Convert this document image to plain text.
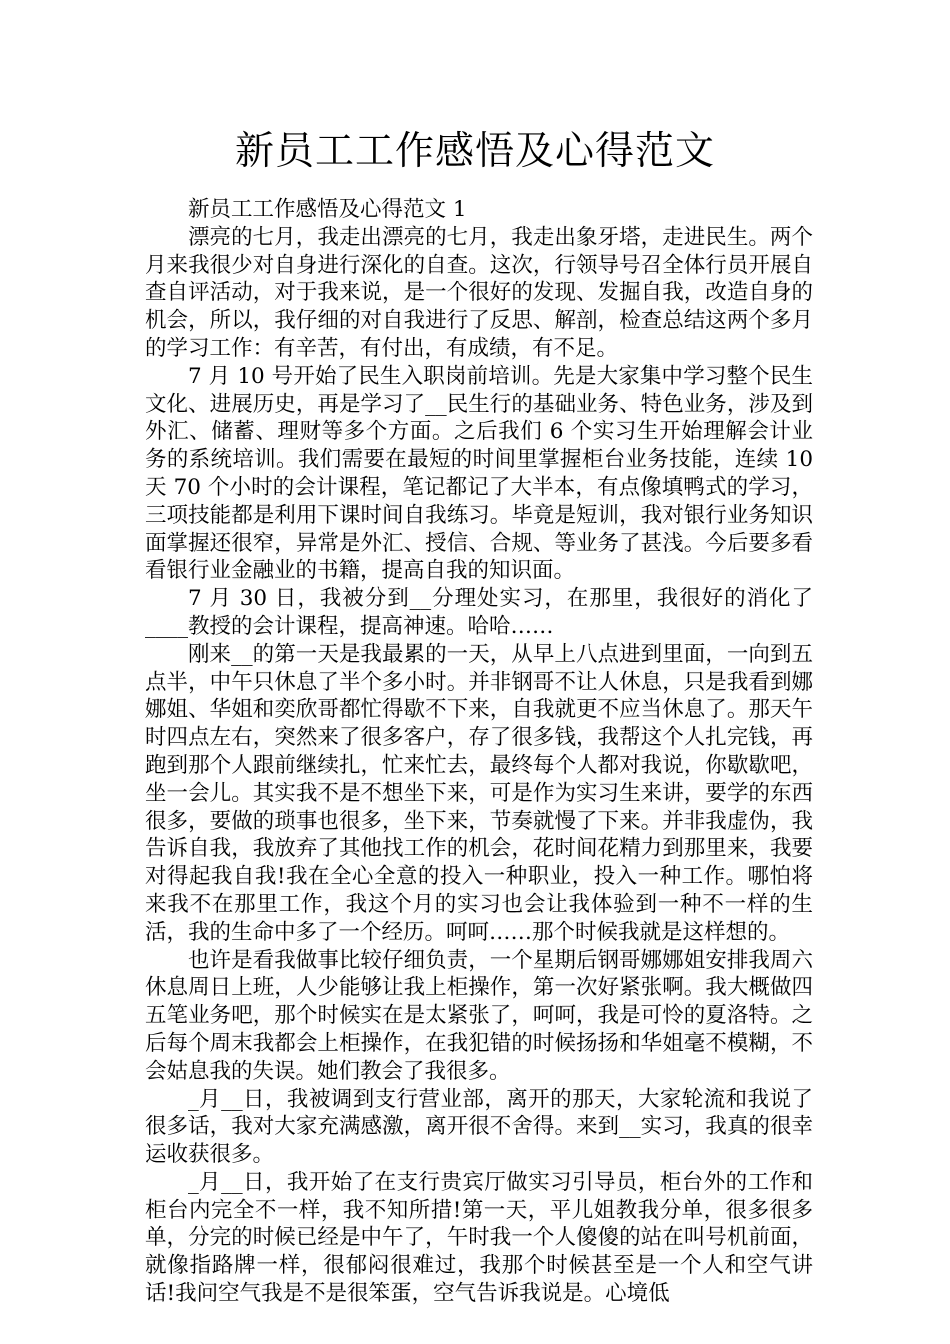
新员工工作感悟及心得范文

新员工工作感悟及心得范文 1

漂亮的七月，我走出漂亮的七月，我走出象牙塔，走进民生。两个月来我很少对自身进行深化的自查。这次，行领导号召全体行员开展自查自评活动，对于我来说，是一个很好的发现、发掘自我，改造自身的机会，所以，我仔细的对自我进行了反思、解剖，检查总结这两个多月的学习工作：有辛苦，有付出，有成绩，有不足。

7 月 10 号开始了民生入职岗前培训。先是大家集中学习整个民生文化、进展历史，再是学习了__民生行的基础业务、特色业务，涉及到外汇、储蓄、理财等多个方面。之后我们 6 个实习生开始理解会计业务的系统培训。我们需要在最短的时间里掌握柜台业务技能，连续 10 天 70 个小时的会计课程，笔记都记了大半本，有点像填鸭式的学习，三项技能都是利用下课时间自我练习。毕竟是短训，我对银行业务知识面掌握还很窄，异常是外汇、授信、合规、等业务了甚浅。今后要多看看银行业金融业的书籍，提高自我的知识面。

7 月 30 日，我被分到__分理处实习，在那里，我很好的消化了____教授的会计课程，提高神速。哈哈……

刚来__的第一天是我最累的一天，从早上八点进到里面，一向到五点半，中午只休息了半个多小时。并非钢哥不让人休息，只是我看到娜娜姐、华姐和奕欣哥都忙得歇不下来，自我就更不应当休息了。那天午时四点左右，突然来了很多客户，存了很多钱，我帮这个人扎完钱，再跑到那个人跟前继续扎，忙来忙去，最终每个人都对我说，你歇歇吧，坐一会儿。其实我不是不想坐下来，可是作为实习生来讲，要学的东西很多，要做的琐事也很多，坐下来，节奏就慢了下来。并非我虚伪，我告诉自我，我放弃了其他找工作的机会，花时间花精力到那里来，我要对得起我自我!我在全心全意的投入一种职业，投入一种工作。哪怕将来我不在那里工作，我这个月的实习也会让我体验到一种不一样的生活，我的生命中多了一个经历。呵呵……那个时候我就是这样想的。

也许是看我做事比较仔细负责，一个星期后钢哥娜娜姐安排我周六休息周日上班，人少能够让我上柜操作，第一次好紧张啊。我大概做四五笔业务吧，那个时候实在是太紧张了，呵呵，我是可怜的夏洛特。之后每个周末我都会上柜操作，在我犯错的时候扬扬和华姐毫不模糊，不会姑息我的失误。她们教会了我很多。

_月__日，我被调到支行营业部，离开的那天，大家轮流和我说了很多话，我对大家充满感激，离开很不舍得。来到__实习，我真的很幸运收获很多。

_月__日，我开始了在支行贵宾厅做实习引导员，柜台外的工作和柜台内完全不一样，我不知所措!第一天，平儿姐教我分单，很多很多单，分完的时候已经是中午了，午时我一个人傻傻的站在叫号机前面，就像指路牌一样，很郁闷很难过，我那个时候甚至是一个人和空气讲话!我问空气我是不是很笨蛋，空气告诉我说是。心境低
